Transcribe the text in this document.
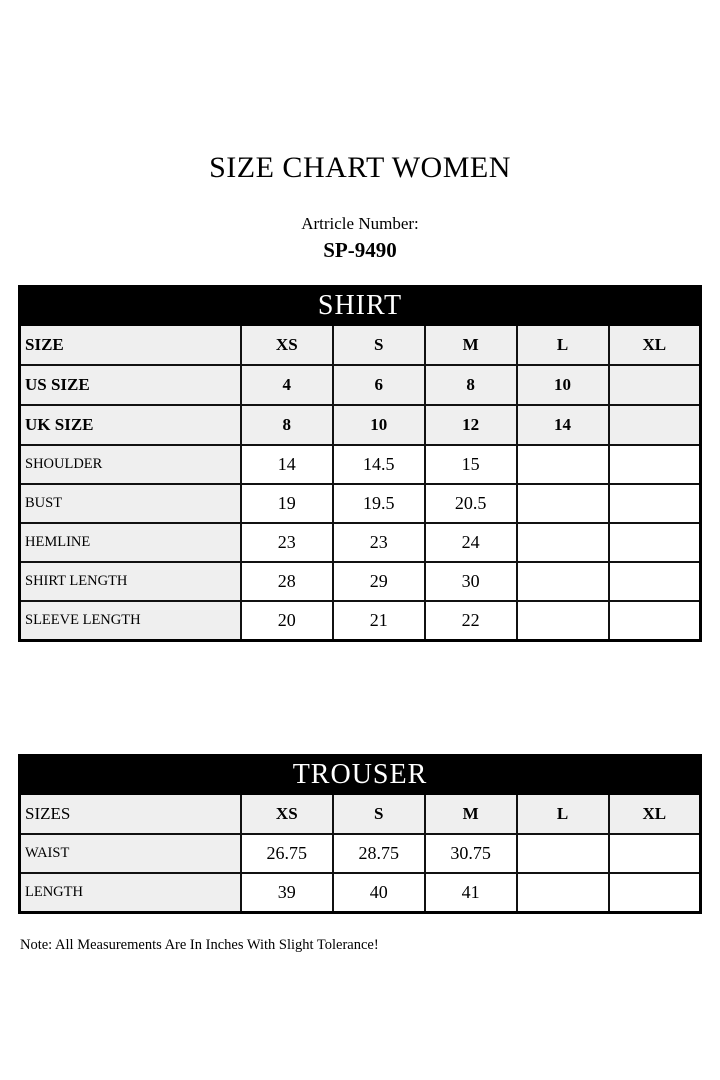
SIZE CHART WOMEN
Artricle Number:
SP-9490
SHIRT					
SIZE	XS	S	M	L	XL
US SIZE	4	6	8	10	
UK SIZE	8	10	12	14	
SHOULDER	14	14.5	15		
BUST	19	19.5	20.5		
HEMLINE	23	23	24		
SHIRT LENGTH	28	29	30		
SLEEVE LENGTH	20	21	22		
TROUSER					
SIZES	XS	S	M	L	XL
WAIST	26.75	28.75	30.75		
LENGTH	39	40	41		
Note: All Measurements Are In Inches With Slight Tolerance!
